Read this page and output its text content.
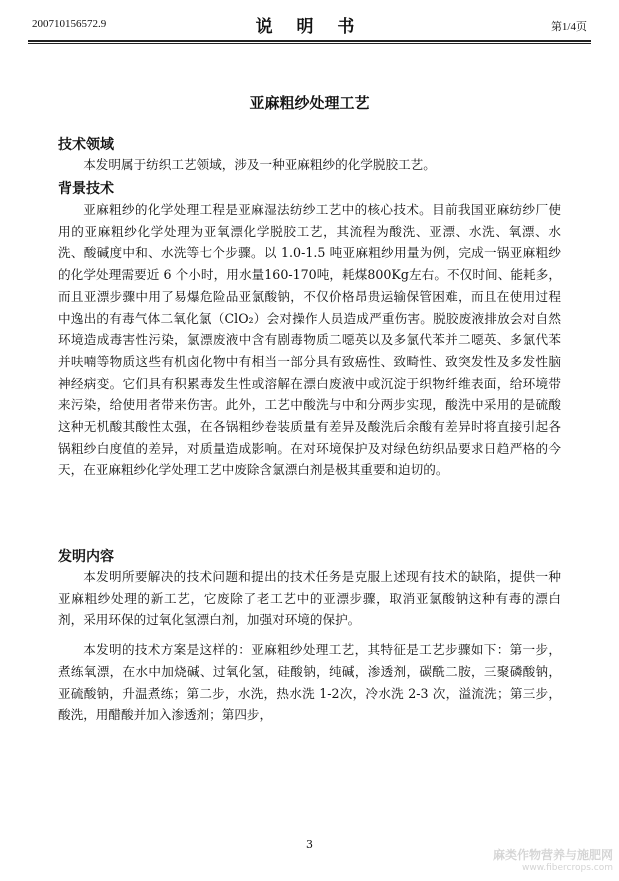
200710156572.9	说 明 书	第1/4页
亚麻粗纱处理工艺
技术领域

本发明属于纺织工艺领域，涉及一种亚麻粗纱的化学脱胶工艺。

背景技术

亚麻粗纱的化学处理工程是亚麻湿法纺纱工艺中的核心技术。目前我国亚麻纺纱厂使用的亚麻粗纱化学处理为亚氧漂化学脱胶工艺，其流程为酸洗、亚漂、水洗、氧漂、水洗、酸碱度中和、水洗等七个步骤。以 1.0-1.5 吨亚麻粗纱用量为例，完成一锅亚麻粗纱的化学处理需要近 6 个小时，用水量160-170吨，耗煤800Kg左右。不仅时间、能耗多，而且亚漂步骤中用了易爆危险品亚氯酸钠，不仅价格昂贵运输保管困难，而且在使用过程中逸出的有毒气体二氧化氯（ClO₂）会对操作人员造成严重伤害。脱胶废液排放会对自然环境造成毒害性污染，氯漂废液中含有剧毒物质二噁英以及多氯代苯并二噁英、多氯代苯并呋喃等物质这些有机卤化物中有相当一部分具有致癌性、致畸性、致突发性及多发性脑神经病变。它们具有积累毒发生性或溶解在漂白废液中或沉淀于织物纤维表面，给环境带来污染，给使用者带来伤害。此外，工艺中酸洗与中和分两步实现，酸洗中采用的是硫酸这种无机酸其酸性太强，在各锅粗纱卷装质量有差异及酸洗后余酸有差异时将直接引起各锅粗纱白度值的差异，对质量造成影响。在对环境保护及对绿色纺织品要求日趋严格的今天，在亚麻粗纱化学处理工艺中废除含氯漂白剂是极其重要和迫切的。

发明内容

本发明所要解决的技术问题和提出的技术任务是克服上述现有技术的缺陷，提供一种亚麻粗纱处理的新工艺，它废除了老工艺中的亚漂步骤，取消亚氯酸钠这种有毒的漂白剂，采用环保的过氧化氢漂白剂，加强对环境的保护。

本发明的技术方案是这样的：亚麻粗纱处理工艺，其特征是工艺步骤如下：第一步，煮练氧漂，在水中加烧碱、过氧化氢，硅酸钠，纯碱，渗透剂，碳酰二胺，三聚磷酸钠，亚硫酸钠，升温煮练；第二步，水洗，热水洗 1-2次，冷水洗 2-3 次，溢流洗；第三步，酸洗，用醋酸并加入渗透剂；第四步，

3
麻类作物营养与施肥网
www.fibercrops.com
